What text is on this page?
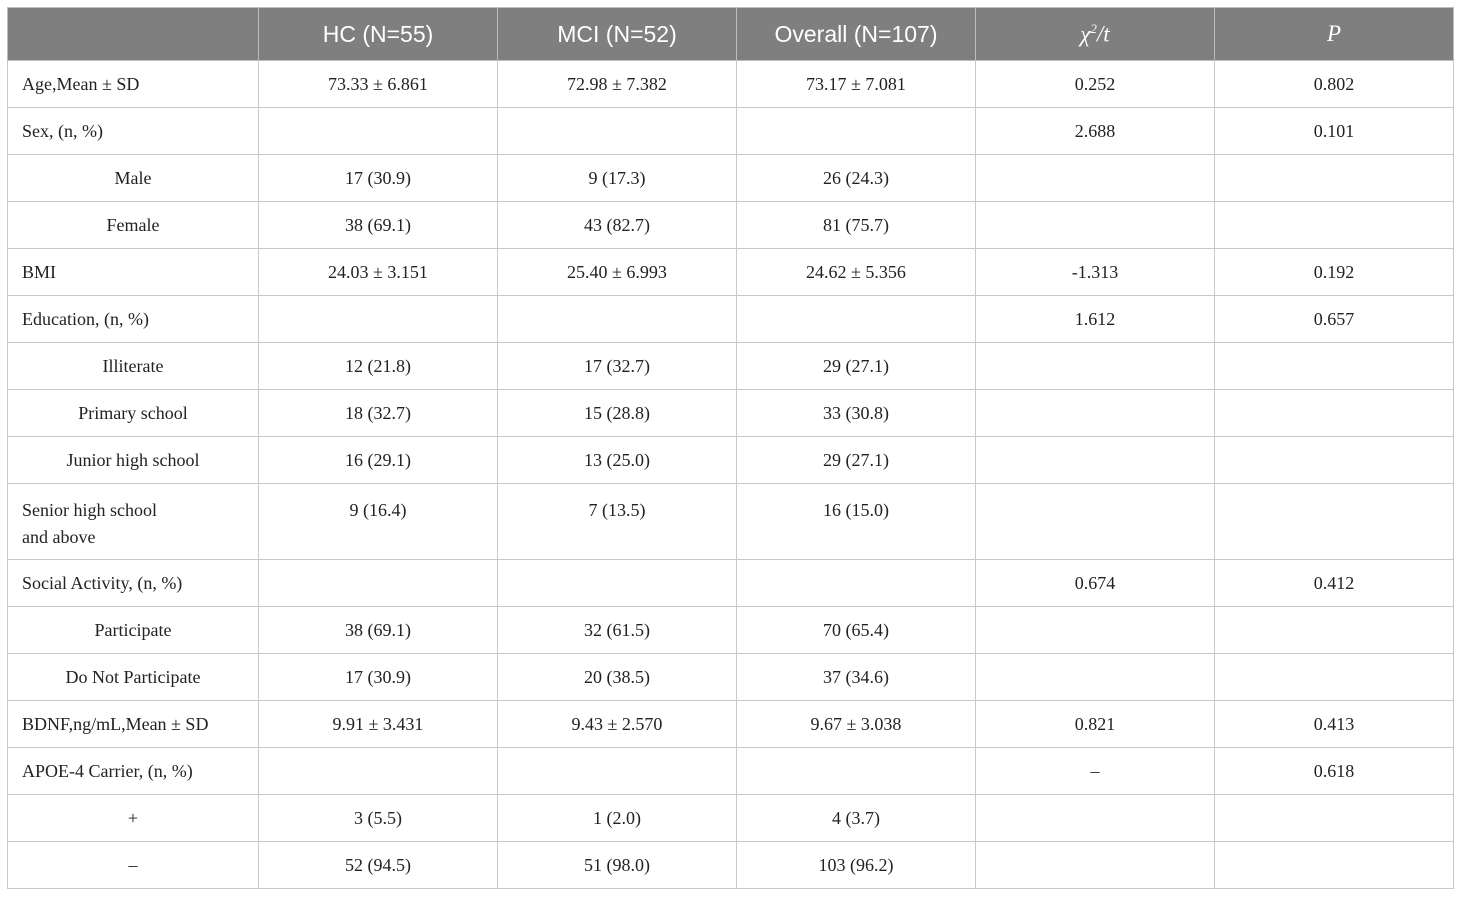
	HC (N=55)	MCI (N=52)	Overall (N=107)	$\chi^2/t$	P
Age,Mean ± SD	73.33 ± 6.861	72.98 ± 7.382	73.17 ± 7.081	0.252	0.802
Sex, (n, %)				2.688	0.101
Male	17 (30.9)	9 (17.3)	26 (24.3)		
Female	38 (69.1)	43 (82.7)	81 (75.7)		
BMI	24.03 ± 3.151	25.40 ± 6.993	24.62 ± 5.356	-1.313	0.192
Education, (n, %)				1.612	0.657
Illiterate	12 (21.8)	17 (32.7)	29 (27.1)		
Primary school	18 (32.7)	15 (28.8)	33 (30.8)		
Junior high school	16 (29.1)	13 (25.0)	29 (27.1)		
Senior high school
and above	9 (16.4)	7 (13.5)	16 (15.0)		
Social Activity, (n, %)				0.674	0.412
Participate	38 (69.1)	32 (61.5)	70 (65.4)		
Do Not Participate	17 (30.9)	20 (38.5)	37 (34.6)		
BDNF,ng/mL,Mean ± SD	9.91 ± 3.431	9.43 ± 2.570	9.67 ± 3.038	0.821	0.413
APOE-4 Carrier, (n, %)				–	0.618
+	3 (5.5)	1 (2.0)	4 (3.7)		
–	52 (94.5)	51 (98.0)	103 (96.2)		
